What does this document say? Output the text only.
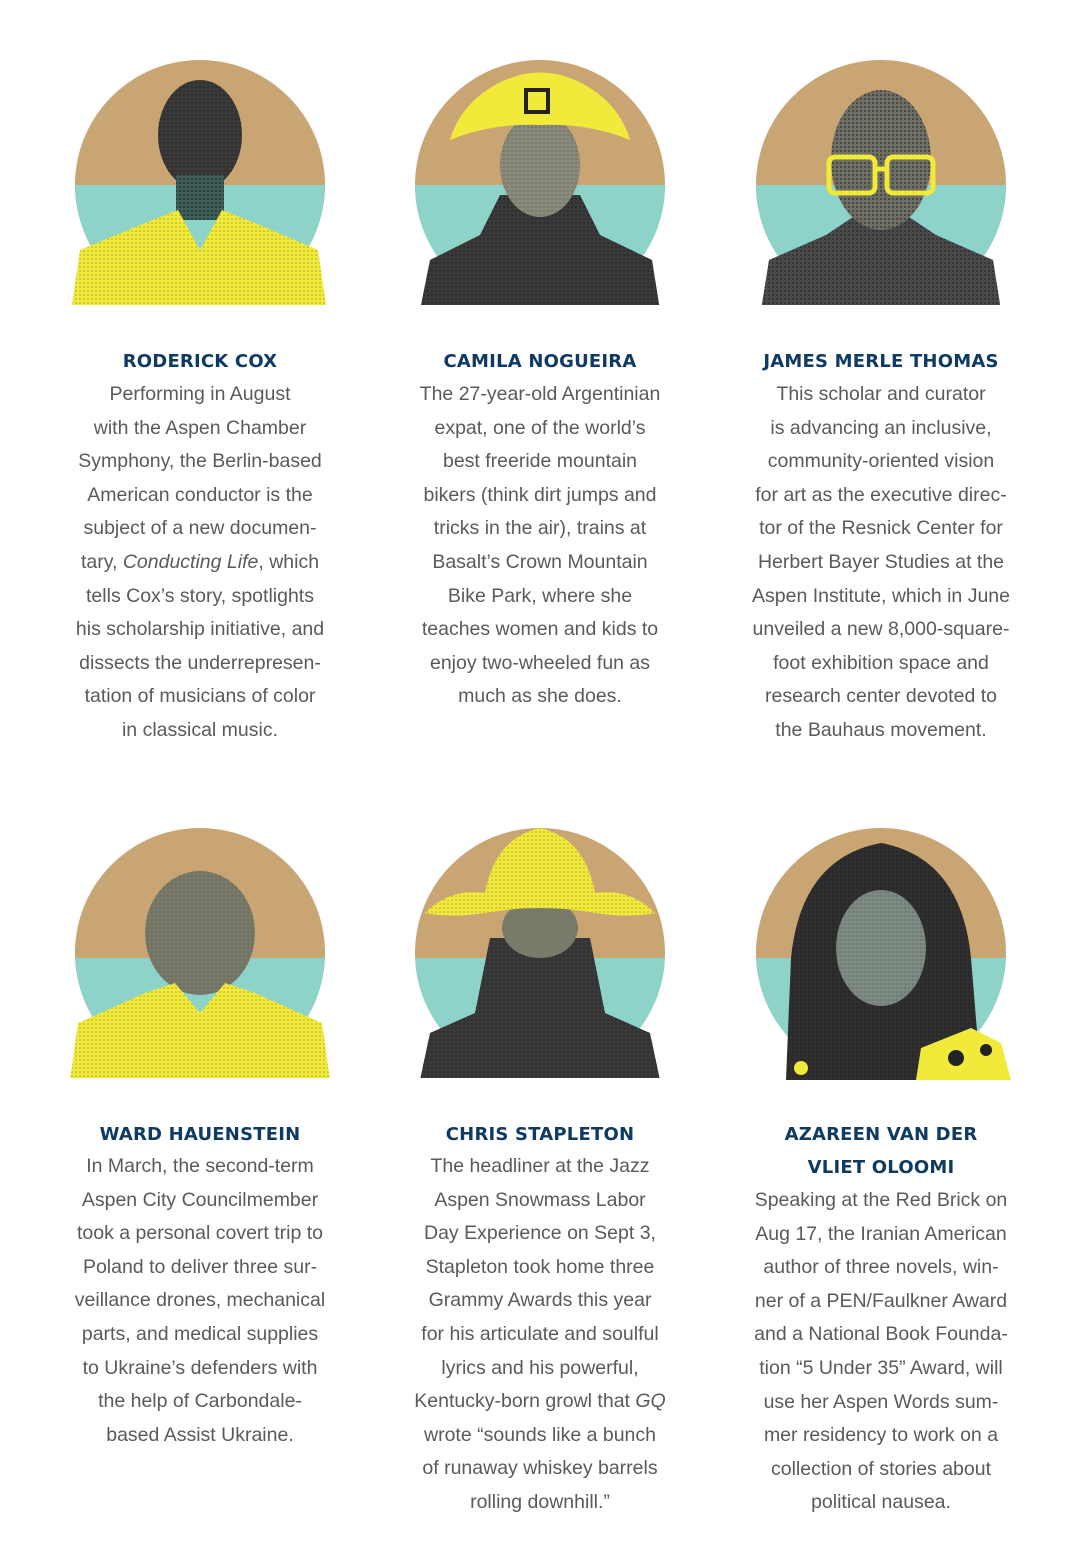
RODERICK COX

Performing in August
with the Aspen Chamber
Symphony, the Berlin-based
American conductor is the
subject of a new documen-
tary, Conducting Life, which
tells Cox’s story, spotlights
his scholarship initiative, and
dissects the underrepresen-
tation of musicians of color
in classical music.

CAMILA NOGUEIRA

The 27-year-old Argentinian
expat, one of the world’s
best freeride mountain
bikers (think dirt jumps and
tricks in the air), trains at
Basalt’s Crown Mountain
Bike Park, where she
teaches women and kids to
enjoy two-wheeled fun as
much as she does.

JAMES MERLE THOMAS

This scholar and curator
is advancing an inclusive,
community-oriented vision
for art as the executive direc-
tor of the Resnick Center for
Herbert Bayer Studies at the
Aspen Institute, which in June
unveiled a new 8,000-square-
foot exhibition space and
research center devoted to
the Bauhaus movement.

WARD HAUENSTEIN

In March, the second-term
Aspen City Councilmember
took a personal covert trip to
Poland to deliver three sur-
veillance drones, mechanical
parts, and medical supplies
to Ukraine’s defenders with
the help of Carbondale-
based Assist Ukraine.

CHRIS STAPLETON

The headliner at the Jazz
Aspen Snowmass Labor
Day Experience on Sept 3,
Stapleton took home three
Grammy Awards this year
for his articulate and soulful
lyrics and his powerful,
Kentucky-born growl that GQ
wrote “sounds like a bunch
of runaway whiskey barrels
rolling downhill.”

AZAREEN VAN DER
VLIET OLOOMI

Speaking at the Red Brick on
Aug 17, the Iranian American
author of three novels, win-
ner of a PEN/Faulkner Award
and a National Book Founda-
tion “5 Under 35” Award, will
use her Aspen Words sum-
mer residency to work on a
collection of stories about
political nausea.
